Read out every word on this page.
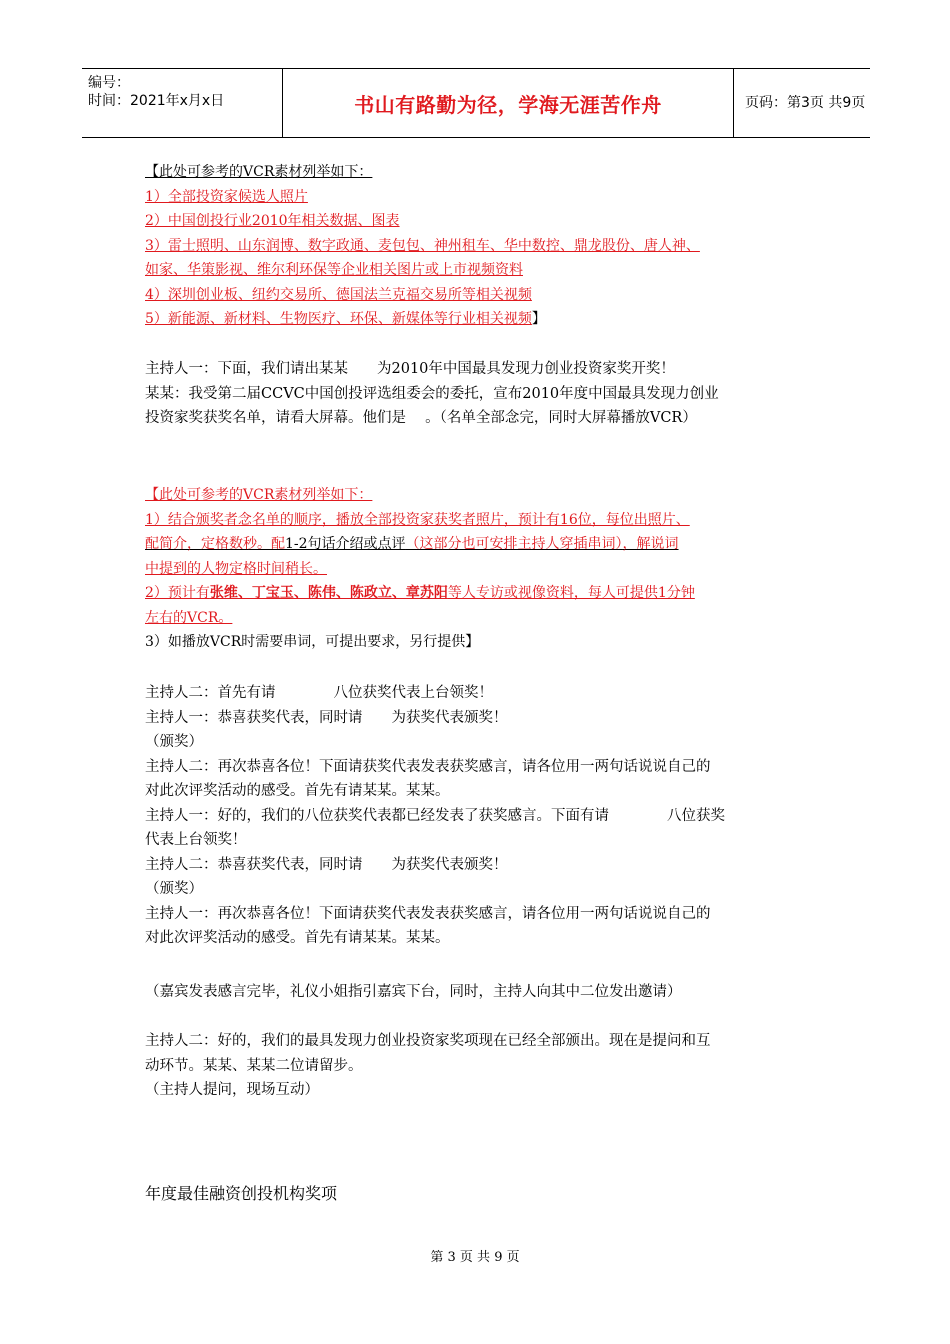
编号：
时间：2021年x月x日	书山有路勤为径，学海无涯苦作舟	页码：第3页 共9页
【此处可参考的VCR素材列举如下：
1）全部投资家候选人照片
2）中国创投行业2010年相关数据、图表
3）雷士照明、山东润博、数字政通、麦包包、神州租车、华中数控、鼎龙股份、唐人神、
如家、华策影视、维尔利环保等企业相关图片或上市视频资料
4）深圳创业板、纽约交易所、德国法兰克福交易所等相关视频
5）新能源、新材料、生物医疗、环保、新媒体等行业相关视频】
主持人一：下面，我们请出某某　　为2010年中国最具发现力创业投资家奖开奖！
某某：我受第二届CCVC中国创投评选组委会的委托，宣布2010年度中国最具发现力创业
投资家奖获奖名单，请看大屏幕。他们是　 。（名单全部念完，同时大屏幕播放VCR）
【此处可参考的VCR素材列举如下：
1）结合颁奖者念名单的顺序，播放全部投资家获奖者照片，预计有16位，每位出照片、
配简介，定格数秒。配1-2句话介绍或点评（这部分也可安排主持人穿插串词），解说词
中提到的人物定格时间稍长。
2）预计有张维、丁宝玉、陈伟、陈政立、章苏阳等人专访或视像资料，每人可提供1分钟
左右的VCR。
3）如播放VCR时需要串词，可提出要求，另行提供】
主持人二：首先有请　　　　八位获奖代表上台领奖！
主持人一：恭喜获奖代表，同时请　　为获奖代表颁奖！
（颁奖）
主持人二：再次恭喜各位！下面请获奖代表发表获奖感言，请各位用一两句话说说自己的
对此次评奖活动的感受。首先有请某某。某某。
主持人一：好的，我们的八位获奖代表都已经发表了获奖感言。下面有请　　　　八位获奖
代表上台领奖！
主持人二：恭喜获奖代表，同时请　　为获奖代表颁奖！
（颁奖）
主持人一：再次恭喜各位！下面请获奖代表发表获奖感言，请各位用一两句话说说自己的
对此次评奖活动的感受。首先有请某某。某某。
（嘉宾发表感言完毕，礼仪小姐指引嘉宾下台，同时，主持人向其中二位发出邀请）
主持人二：好的，我们的最具发现力创业投资家奖项现在已经全部颁出。现在是提问和互
动环节。某某、某某二位请留步。
（主持人提问，现场互动）
年度最佳融资创投机构奖项
第 3 页 共 9 页
